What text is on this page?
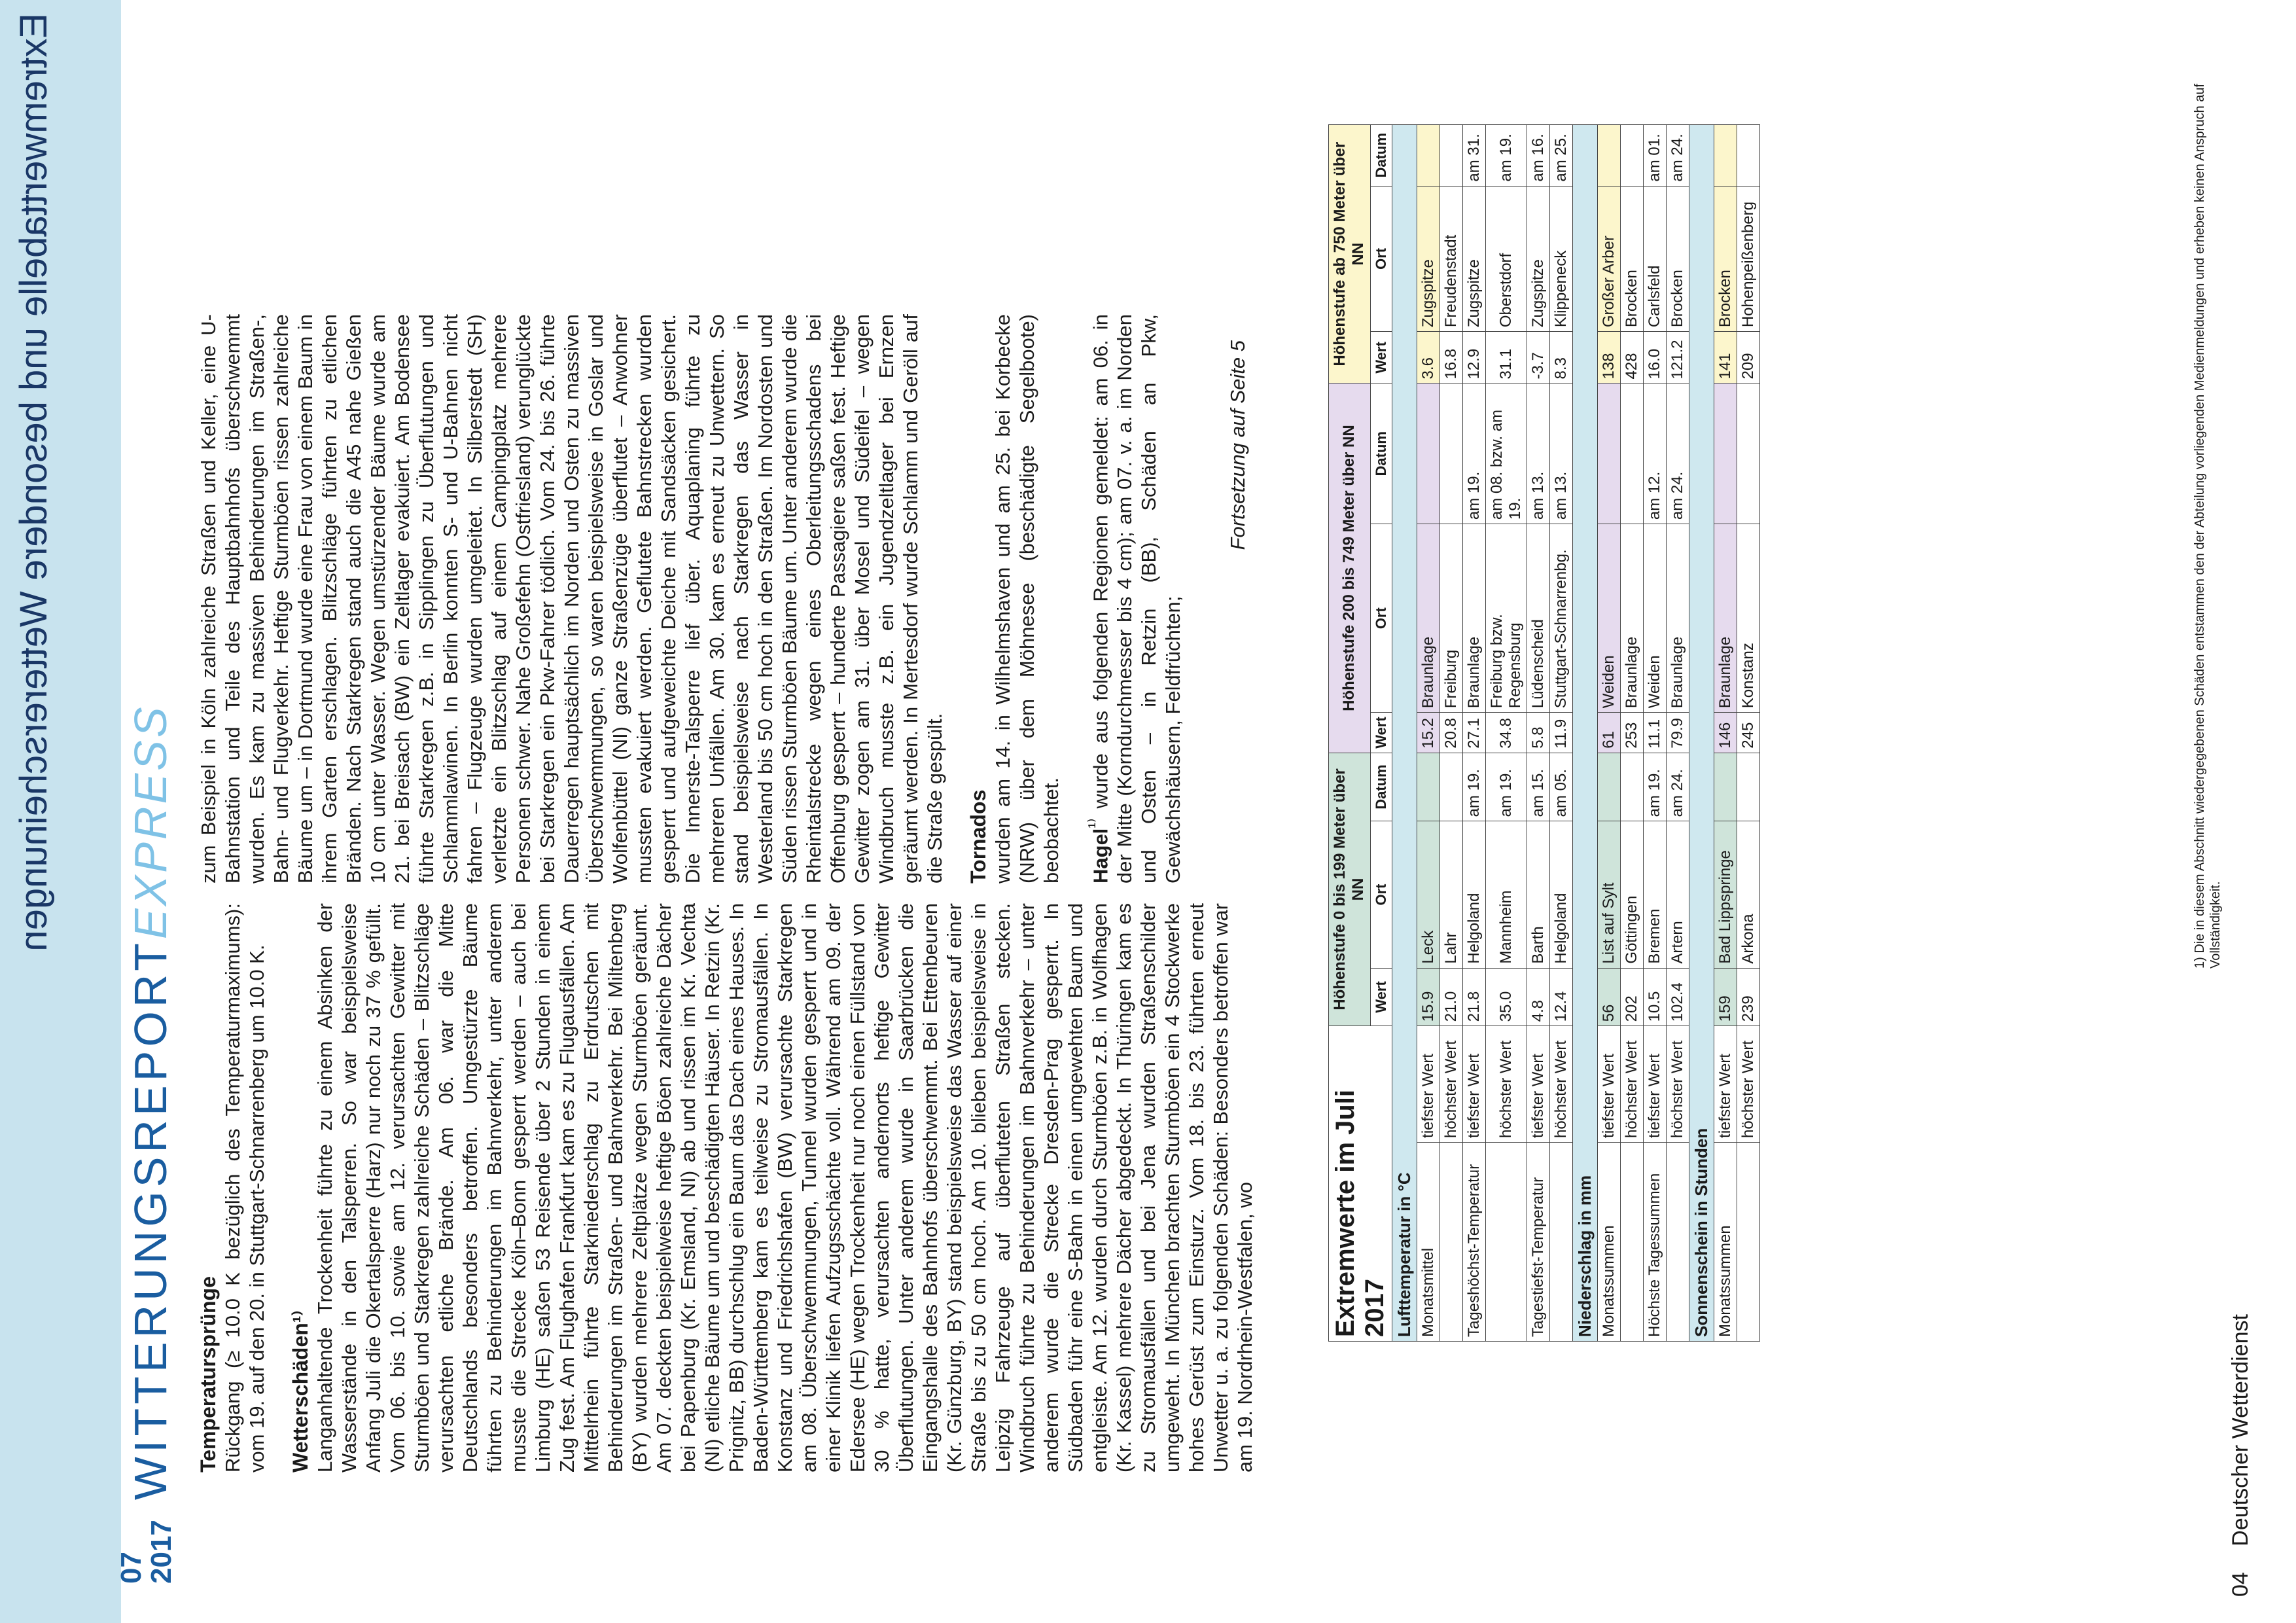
Extremwerttabelle und besondere Wettererscheinungen
07
2017
WITTERUNGSREPORTEXPRESS
Temperatursprünge Rückgang (≥ 10.0 K bezüglich des Temperaturmaximums): vom 19. auf den 20. in Stuttgart-Schnarrenberg um 10.0 K. Wetterschäden¹⁾ Langanhaltende Trockenheit führte zu einem Absinken der Wasserstände in den Talsperren. So war beispielsweise Anfang Juli die Okertalsperre (Harz) nur noch zu 37 % gefüllt. Vom 06. bis 10. sowie am 12. verursachten Gewitter mit Sturmböen und Starkregen zahlreiche Schäden – Blitzschläge verursachten etliche Brände. Am 06. war die Mitte Deutschlands besonders betroffen. Umgestürzte Bäume führten zu Behinderungen im Bahnverkehr, unter anderem musste die Strecke Köln–Bonn gesperrt werden – auch bei Limburg (HE) saßen 53 Reisende über 2 Stunden in einem Zug fest. Am Flughafen Frankfurt kam es zu Flugausfällen. Am Mittelrhein führte Starkniederschlag zu Erdrutschen mit Behinderungen im Straßen- und Bahnverkehr. Bei Miltenberg (BY) wurden mehrere Zeltplätze wegen Sturmböen geräumt. Am 07. deckten beispielweise heftige Böen zahlreiche Dächer bei Papenburg (Kr. Emsland, NI) ab und rissen im Kr. Vechta (NI) etliche Bäume um und beschädigten Häuser. In Retzin (Kr. Prignitz, BB) durchschlug ein Baum das Dach eines Hauses. In Baden-Württemberg kam es teilweise zu Stromausfällen. In Konstanz und Friedrichshafen (BW) verursachte Starkregen am 08. Überschwemmungen, Tunnel wurden gesperrt und in einer Klinik liefen Aufzugsschächte voll. Während am 09. der Edersee (HE) wegen Trockenheit nur noch einen Füllstand von 30 % hatte, verursachten andernorts heftige Gewitter Überflutungen. Unter anderem wurde in Saarbrücken die Eingangshalle des Bahnhofs überschwemmt. Bei Ettenbeuren (Kr. Günzburg, BY) stand beispielsweise das Wasser auf einer Straße bis zu 50 cm hoch. Am 10. blieben beispielsweise in Leipzig Fahrzeuge auf überfluteten Straßen stecken. Windbruch führte zu Behinderungen im Bahnverkehr – unter anderem wurde die Strecke Dresden-Prag gesperrt. In Südbaden führ eine S-Bahn in einen umgewehten Baum und entgleiste. Am 12. wurden durch Sturmböen z.B. in Wolfhagen (Kr. Kassel) mehrere Dächer abgedeckt. In Thüringen kam es zu Stromausfällen und bei Jena wurden Straßenschilder umgeweht. In München brachten Sturmböen ein 4 Stockwerke hohes Gerüst zum Einsturz. Vom 18. bis 23. führten erneut Unwetter u. a. zu folgenden Schäden: Besonders betroffen war am 19. Nordrhein-Westfalen, wo

zum Beispiel in Köln zahlreiche Straßen und Keller, eine U-Bahnstation und Teile des Hauptbahnhofs überschwemmt wurden. Es kam zu massiven Behinderungen im Straßen-, Bahn- und Flugverkehr. Heftige Sturmböen rissen zahlreiche Bäume um – in Dortmund wurde eine Frau von einem Baum in ihrem Garten erschlagen. Blitzschläge führten zu etlichen Bränden. Nach Starkregen stand auch die A45 nahe Gießen 10 cm unter Wasser. Wegen umstürzender Bäume wurde am 21. bei Breisach (BW) ein Zeltlager evakuiert. Am Bodensee führte Starkregen z.B. in Sipplingen zu Überflutungen und Schlammlawinen. In Berlin konnten S- und U-Bahnen nicht fahren – Flugzeuge wurden umgeleitet. In Silberstedt (SH) verletzte ein Blitzschlag auf einem Campingplatz mehrere Personen schwer. Nahe Großefehn (Ostfriesland) verunglückte bei Starkregen ein Pkw-Fahrer tödlich. Vom 24. bis 26. führte Dauerregen hauptsächlich im Norden und Osten zu massiven Überschwemmungen, so waren beispielsweise in Goslar und Wolfenbüttel (NI) ganze Straßenzüge überflutet – Anwohner mussten evakuiert werden. Geflutete Bahnstrecken wurden gesperrt und aufgeweichte Deiche mit Sandsäcken gesichert. Die Innerste-Talsperre lief über. Aquaplaning führte zu mehreren Unfällen. Am 30. kam es erneut zu Unwettern. So stand beispielsweise nach Starkregen das Wasser in Westerland bis 50 cm hoch in den Straßen. Im Nordosten und Süden rissen Sturmböen Bäume um. Unter anderem wurde die Rheintalstrecke wegen eines Oberleitungsschadens bei Offenburg gesperrt – hunderte Passagiere saßen fest. Heftige Gewitter zogen am 31. über Mosel und Südeifel – wegen Windbruch musste z.B. ein Jugendzeltlager bei Ernzen geräumt werden. In Mertesdorf wurde Schlamm und Geröll auf die Straße gespült. Tornados wurden am 14. in Wilhelmshaven und am 25. bei Korbecke (NRW) über dem Möhnesee (beschädigte Segelboote) beobachtet.	Hagel$^{^{1)}}$ wurde aus folgenden Regionen gemeldet: am 06. in der Mitte (Korndurchmesser bis 4 cm); am 07. v. a. im Norden und Osten – in Retzin (BB), Schäden an Pkw, Gewächshäusern, Feldfrüchten;

Fortsetzung auf Seite 5
Extremwerte im Juli 2017		Höhenstufe 0 bis 199 Meter über NN			Höhenstufe 200 bis 749 Meter über NN			Höhenstufe ab 750 Meter über NN		
		Wert	Ort	Datum	Wert	Ort	Datum	Wert	Ort	Datum
Lufttemperatur in °C										
Monatsmittel	tiefster Wert	15.9	Leck		15.2	Braunlage		3.6	Zugspitze	
	höchster Wert	21.0	Lahr		20.8	Freiburg		16.8	Freudenstadt	
Tageshöchst-Temperatur	tiefster Wert	21.8	Helgoland	am 19.	27.1	Braunlage	am 19.	12.9	Zugspitze	am 31.
	höchster Wert	35.0	Mannheim	am 19.	34.8	Freiburg bzw. Regensburg	am 08. bzw. am 19.	31.1	Oberstdorf	am 19.
Tagestiefst-Temperatur	tiefster Wert	4.8	Barth	am 15.	5.8	Lüdenscheid	am 13.	-3.7	Zugspitze	am 16.
	höchster Wert	12.4	Helgoland	am 05.	11.9	Stuttgart-Schnarrenbg.	am 13.	8.3	Klippeneck	am 25.
Niederschlag in mm										
Monatssummen	tiefster Wert	56	List auf Sylt		61	Weiden		138	Großer Arber	
	höchster Wert	202	Göttingen		253	Braunlage		428	Brocken	
Höchste Tagessummen	tiefster Wert	10.5	Bremen	am 19.	11.1	Weiden	am 12.	16.0	Carlsfeld	am 01.
	höchster Wert	102.4	Artern	am 24.	79.9	Braunlage	am 24.	121.2	Brocken	am 24.
Sonnenschein in Stunden										
Monatssummen	tiefster Wert	159	Bad Lippspringe		146	Braunlage		141	Brocken	
	höchster Wert	239	Arkona		245	Konstanz		209	Hohenpeißenberg		1) Die in diesem Abschnitt wiedergegebenen Schäden entstammen den der Abteilung vorliegenden Medienmeldungen und erheben keinen Anspruch auf Vollständigkeit.
04 Deutscher Wetterdienst
